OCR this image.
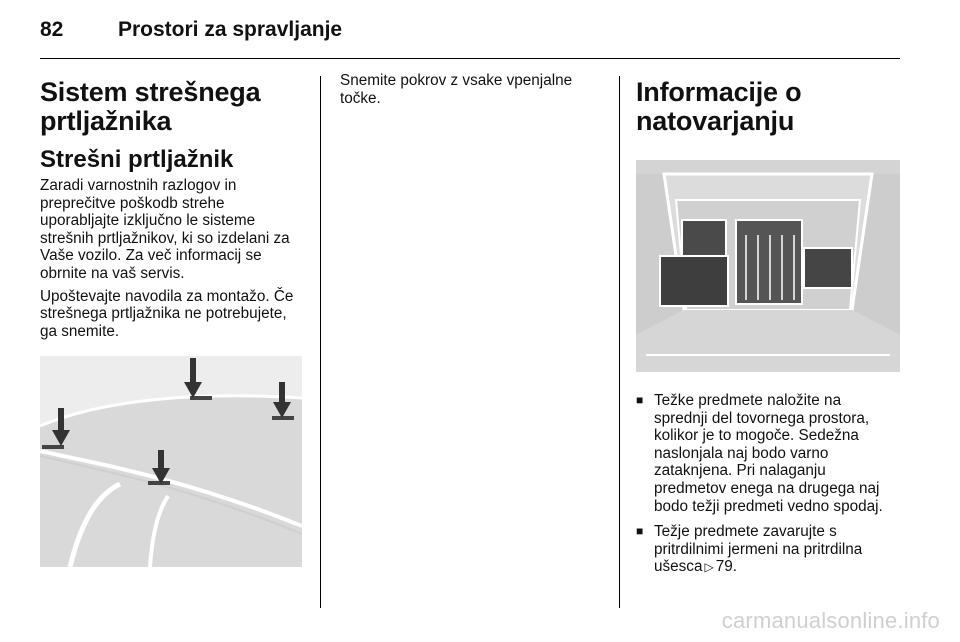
82	Prostori za spravljanje
Sistem strešnega
prtljažnika
Strešni prtljažnik

Zaradi varnostnih razlogov in
preprečitve poškodb strehe
uporabljajte izključno le sisteme
strešnih prtljažnikov, ki so izdelani za
Vaše vozilo. Za več informacij se
obrnite na vaš servis.

Upoštevajte navodila za montažo. Če
strešnega prtljažnika ne potrebujete,
ga snemite.

Snemite pokrov z vsake vpenjalne
točke.	Informacije o
natovarjanju
■ Težke predmete naložite na
sprednji del tovornega prostora,
kolikor je to mogoče. Sedežna
naslonjala naj bodo varno
zataknjena. Pri nalaganju
predmetov enega na drugega naj
bodo težji predmeti vedno spodaj.
■ Težje predmete zavarujte s
pritrdilnimi jermeni na pritrdilna
ušesca ▷ 79.
carmanualsonline.info
